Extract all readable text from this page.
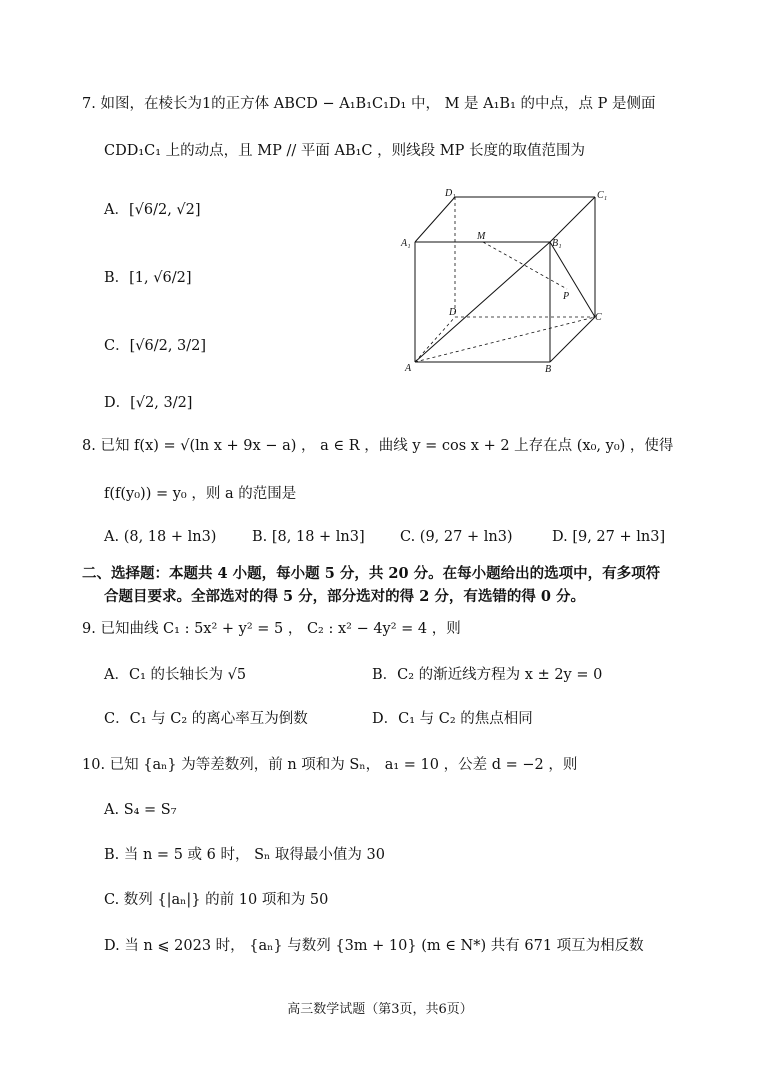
7. 如图，在棱长为1的正方体 ABCD − A₁B₁C₁D₁ 中， M 是 A₁B₁ 的中点，点 P 是侧面
CDD₁C₁ 上的动点，且 MP // 平面 AB₁C ，则线段 MP 长度的取值范围为
A．[√6/2, √2]
B．[1, √6/2]
C．[√6/2, 3/2]
D．[√2, 3/2]
D₁	C₁
A₁
M
B₁
P
D	C
A	B
8. 已知 f(x) = √(ln x + 9x − a) ， a ∈ R ，曲线 y = cos x + 2 上存在点 (x₀, y₀) ，使得
f(f(y₀)) = y₀ ，则 a 的范围是
A. (8, 18 + ln3) B. [8, 18 + ln3] C. (9, 27 + ln3)	D. [9, 27 + ln3]
二、选择题：本题共 4 小题，每小题 5 分，共 20 分。在每小题给出的选项中，有多项符
合题目要求。全部选对的得 5 分，部分选对的得 2 分，有选错的得 0 分。
9. 已知曲线 C₁ : 5x² + y² = 5 ， C₂ : x² − 4y² = 4 ，则
A．C₁ 的长轴长为 √5	B．C₂ 的渐近线方程为 x ± 2y = 0
C．C₁ 与 C₂ 的离心率互为倒数	D．C₁ 与 C₂ 的焦点相同
10. 已知 {aₙ} 为等差数列，前 n 项和为 Sₙ， a₁ = 10 ，公差 d = −2 ，则
A. S₄ = S₇
B. 当 n = 5 或 6 时， Sₙ 取得最小值为 30
C. 数列 {|aₙ|} 的前 10 项和为 50
D. 当 n ⩽ 2023 时， {aₙ} 与数列 {3m + 10} (m ∈ N*) 共有 671 项互为相反数
高三数学试题（第3页，共6页）
